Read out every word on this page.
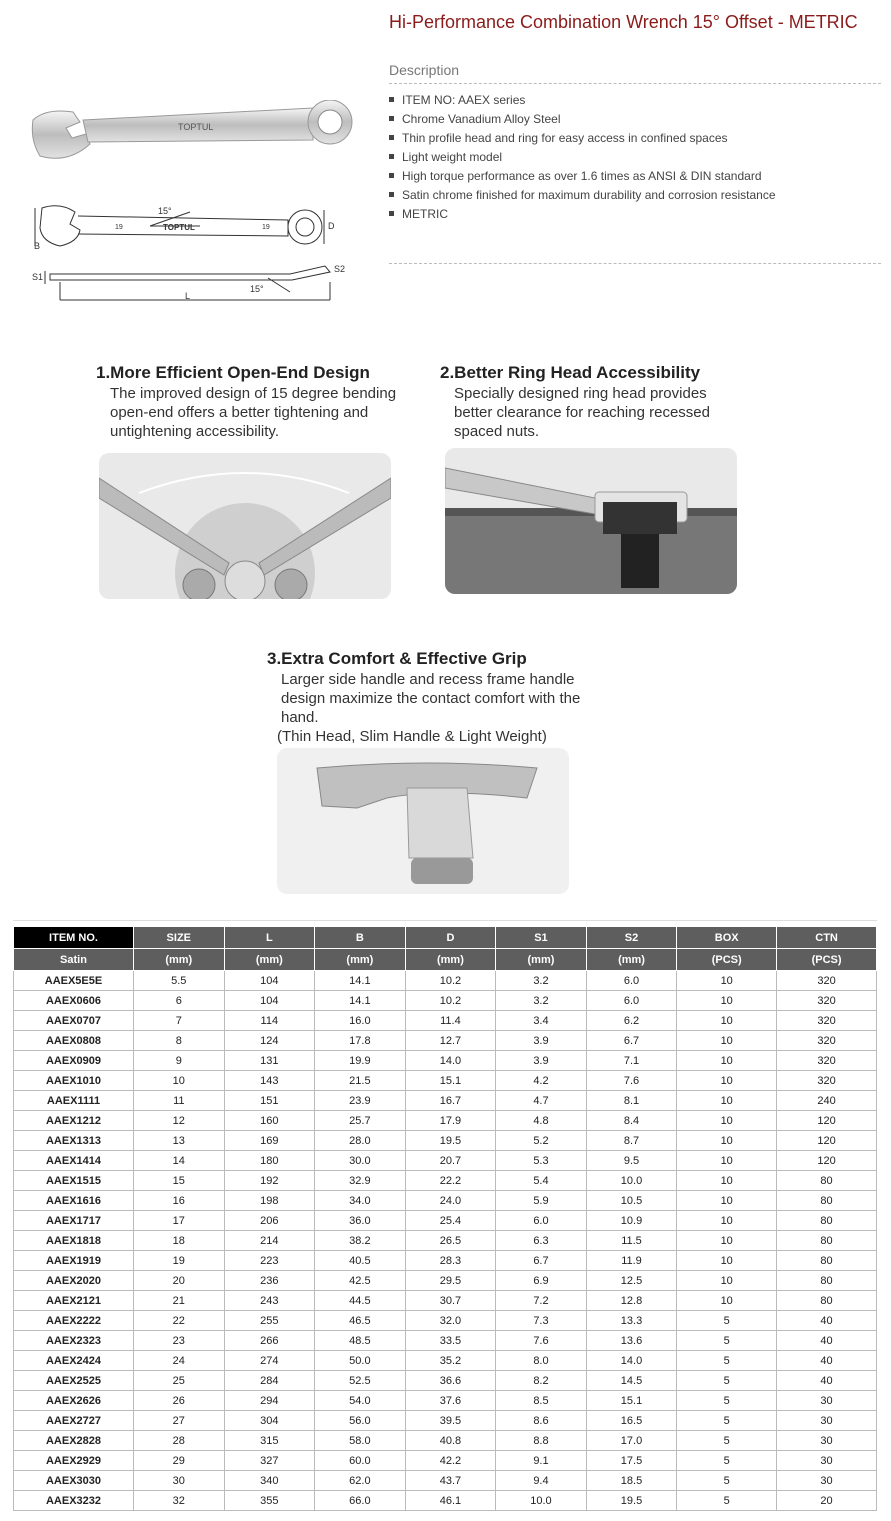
Hi-Performance Combination Wrench 15° Offset - METRIC
Description
ITEM NO: AAEX series
Chrome Vanadium Alloy Steel
Thin profile head and ring for easy access in confined spaces
Light weight model
High torque performance as over 1.6 times as ANSI & DIN standard
Satin chrome finished for maximum durability and corrosion resistance
METRIC
TOPTUL
15°
19	TOPTUL	19
B
D
S1
S2
L
15°
1.More Efficient Open-End Design
The improved design of 15 degree bending open-end offers a better tightening and untightening accessibility.
2.Better Ring Head Accessibility
Specially designed ring head provides better clearance for reaching recessed spaced nuts.
3.Extra Comfort & Effective Grip
Larger side handle and recess frame handle design maximize the contact comfort with the hand.
(Thin Head, Slim Handle & Light Weight)
ITEM NO.	SIZE	L	B	D	S1	S2	BOX	CTN
Satin	(mm)	(mm)	(mm)	(mm)	(mm)	(mm)	(PCS)	(PCS)
AAEX5E5E	5.5	104	14.1	10.2	3.2	6.0	10	320
AAEX0606	6	104	14.1	10.2	3.2	6.0	10	320
AAEX0707	7	114	16.0	11.4	3.4	6.2	10	320
AAEX0808	8	124	17.8	12.7	3.9	6.7	10	320
AAEX0909	9	131	19.9	14.0	3.9	7.1	10	320
AAEX1010	10	143	21.5	15.1	4.2	7.6	10	320
AAEX1111	11	151	23.9	16.7	4.7	8.1	10	240
AAEX1212	12	160	25.7	17.9	4.8	8.4	10	120
AAEX1313	13	169	28.0	19.5	5.2	8.7	10	120
AAEX1414	14	180	30.0	20.7	5.3	9.5	10	120
AAEX1515	15	192	32.9	22.2	5.4	10.0	10	80
AAEX1616	16	198	34.0	24.0	5.9	10.5	10	80
AAEX1717	17	206	36.0	25.4	6.0	10.9	10	80
AAEX1818	18	214	38.2	26.5	6.3	11.5	10	80
AAEX1919	19	223	40.5	28.3	6.7	11.9	10	80
AAEX2020	20	236	42.5	29.5	6.9	12.5	10	80
AAEX2121	21	243	44.5	30.7	7.2	12.8	10	80
AAEX2222	22	255	46.5	32.0	7.3	13.3	5	40
AAEX2323	23	266	48.5	33.5	7.6	13.6	5	40
AAEX2424	24	274	50.0	35.2	8.0	14.0	5	40
AAEX2525	25	284	52.5	36.6	8.2	14.5	5	40
AAEX2626	26	294	54.0	37.6	8.5	15.1	5	30
AAEX2727	27	304	56.0	39.5	8.6	16.5	5	30
AAEX2828	28	315	58.0	40.8	8.8	17.0	5	30
AAEX2929	29	327	60.0	42.2	9.1	17.5	5	30
AAEX3030	30	340	62.0	43.7	9.4	18.5	5	30
AAEX3232	32	355	66.0	46.1	10.0	19.5	5	20
